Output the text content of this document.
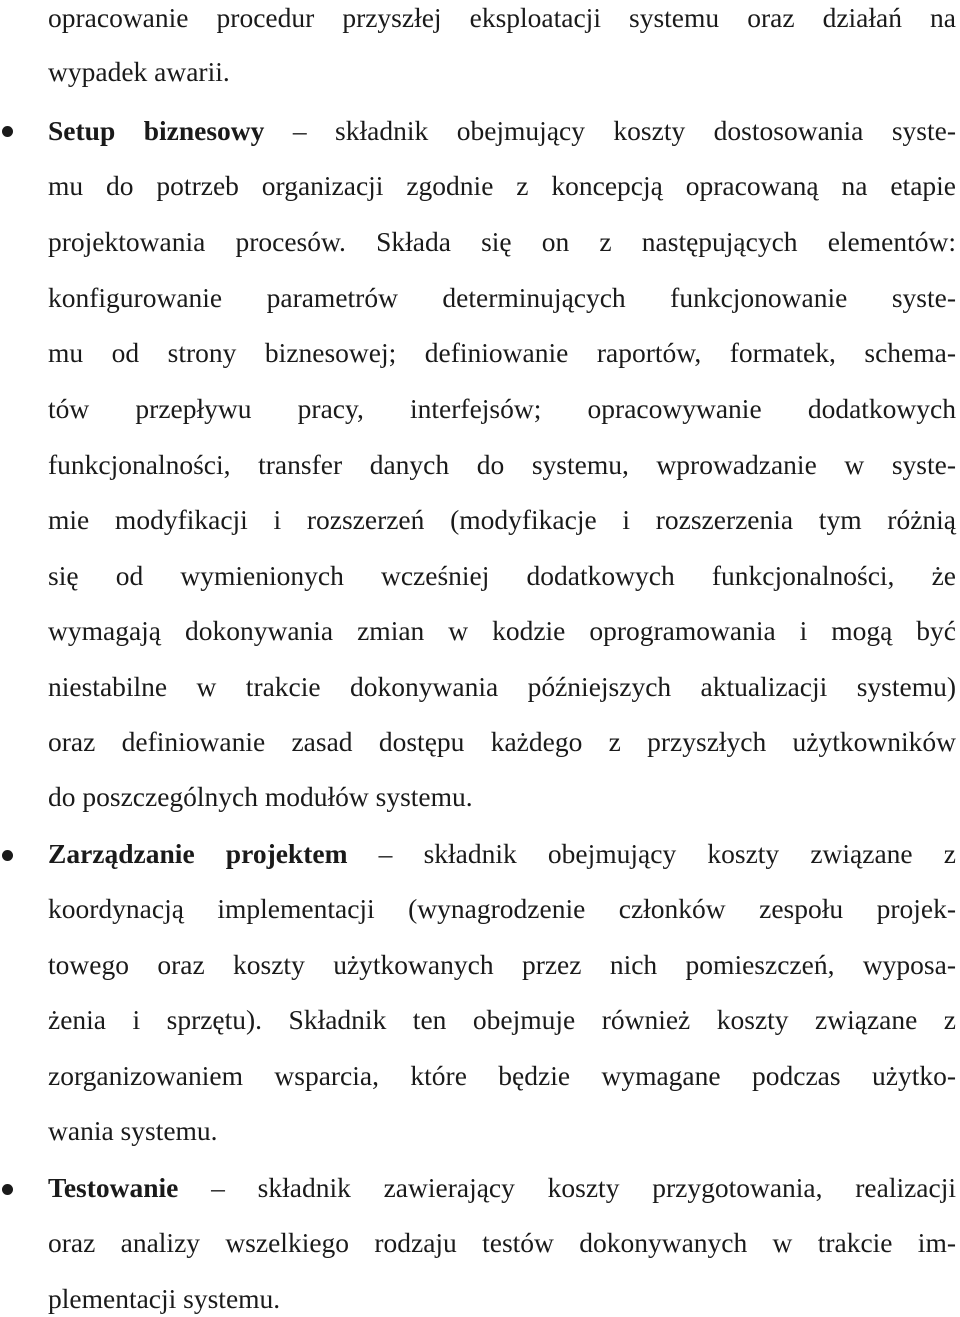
opracowanie procedur przyszłej eksploatacji systemu oraz działań na
wypadek awarii.
Setup biznesowy – składnik obejmujący koszty dostosowania syste-
mu do potrzeb organizacji zgodnie z koncepcją opracowaną na etapie
projektowania procesów. Składa się on z następujących elementów:
konfigurowanie parametrów determinujących funkcjonowanie syste-
mu od strony biznesowej; definiowanie raportów, formatek, schema-
tów przepływu pracy, interfejsów; opracowywanie dodatkowych
funkcjonalności, transfer danych do systemu, wprowadzanie w syste-
mie modyfikacji i rozszerzeń (modyfikacje i rozszerzenia tym różnią
się od wymienionych wcześniej dodatkowych funkcjonalności, że
wymagają dokonywania zmian w kodzie oprogramowania i mogą być
niestabilne w trakcie dokonywania późniejszych aktualizacji systemu)
oraz definiowanie zasad dostępu każdego z przyszłych użytkowników
do poszczególnych modułów systemu.
Zarządzanie projektem – składnik obejmujący koszty związane z
koordynacją implementacji (wynagrodzenie członków zespołu projek-
towego oraz koszty użytkowanych przez nich pomieszczeń, wyposa-
żenia i sprzętu). Składnik ten obejmuje również koszty związane z
zorganizowaniem wsparcia, które będzie wymagane podczas użytko-
wania systemu.
Testowanie – składnik zawierający koszty przygotowania, realizacji
oraz analizy wszelkiego rodzaju testów dokonywanych w trakcie im-
plementacji systemu.
